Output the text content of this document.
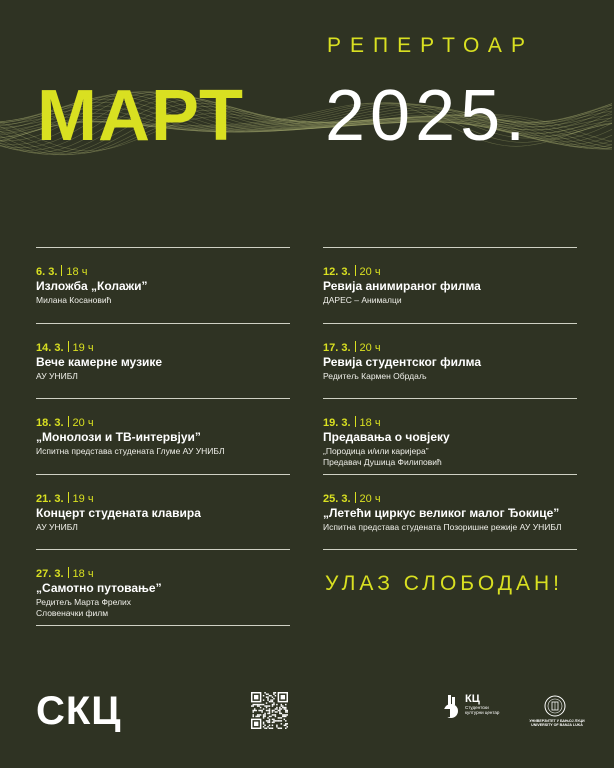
РЕПЕРТОАР
МАРТ 2025.
6. 3. 18 ч
Изложба „Колажи”
Милана Косановић
14. 3. 19 ч
Вече камерне музике
АУ УНИБЛ
18. 3. 20 ч
„Монолози и ТВ-интервјуи”
Испитна представа студената Глуме АУ УНИБЛ
21. 3. 19 ч
Концерт студената клавира
АУ УНИБЛ
27. 3. 18 ч
„Самотно путовање”
Редитељ Марта Фрелих
Словеначки филм
12. 3. 20 ч
Ревија анимираног филма
ДАРЕС – Анималци
17. 3. 20 ч
Ревија студентског филма
Редитељ Кармен Обрдаљ
19. 3. 18 ч
Предавања о човјеку
„Породица и/или каријера”
Предавач Душица Филиповић
25. 3. 20 ч
„Летећи циркус великог малог Ђокице”
Испитна представа студената Позоришне режије АУ УНИБЛ
УЛАЗ СЛОБОДАН!
СКЦ	КЦ
Студентски културни центар
УНИВЕРЗИТЕТ У БАЊОЈ ЛУЦИ
UNIVERSITY OF BANJA LUKA
